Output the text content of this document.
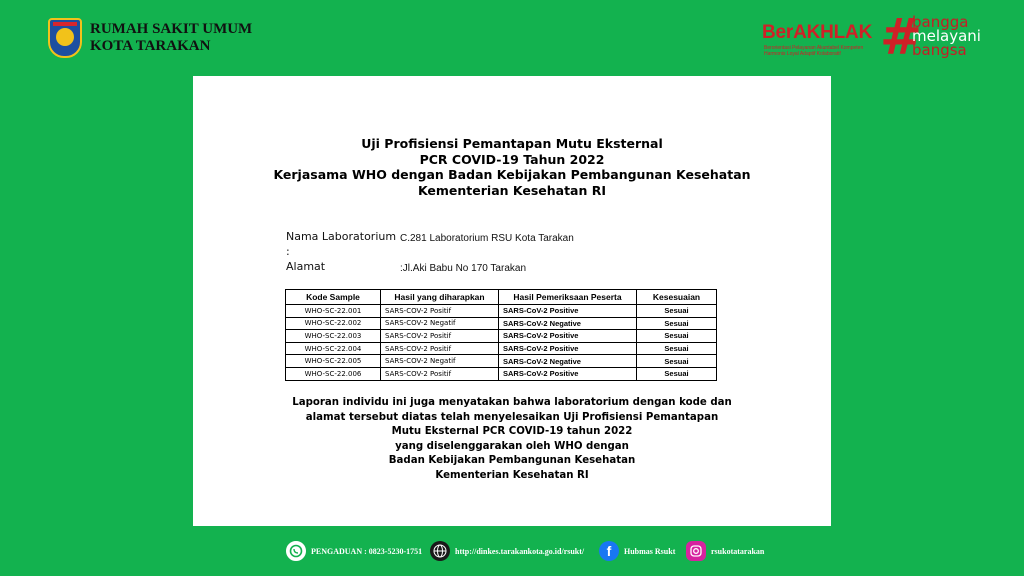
RUMAH SAKIT UMUM
KOTA TARAKAN
BerAKHLAK
Berorientasi Pelayanan Akuntabel Kompeten Harmonis Loyal Adaptif Kolaboratif #
bangga
melayani
bangsa
Uji Profisiensi Pemantapan Mutu Eksternal
PCR COVID-19 Tahun 2022
Kerjasama WHO dengan Badan Kebijakan Pembangunan Kesehatan
Kementerian Kesehatan RI
Nama Laboratorium :
C.281 Laboratorium RSU Kota Tarakan
Alamat	:Jl.Aki Babu No 170 Tarakan
Kode Sample	Hasil yang diharapkan	Hasil Pemeriksaan Peserta	Kesesuaian
WHO-SC-22.001	SARS-COV-2 Positif	SARS-CoV-2 Positive	Sesuai
WHO-SC-22.002	SARS-COV-2 Negatif	SARS-CoV-2 Negative	Sesuai
WHO-SC-22.003	SARS-COV-2 Positif	SARS-CoV-2 Positive	Sesuai
WHO-SC-22.004	SARS-COV-2 Positif	SARS-CoV-2 Positive	Sesuai
WHO-SC-22.005	SARS-COV-2 Negatif	SARS-CoV-2 Negative	Sesuai
WHO-SC-22.006	SARS-COV-2 Positif	SARS-CoV-2 Positive	Sesuai
Laporan individu ini juga menyatakan bahwa laboratorium dengan kode dan
alamat tersebut diatas telah menyelesaikan Uji Profisiensi Pemantapan
Mutu Eksternal PCR COVID-19 tahun 2022
yang diselenggarakan oleh WHO dengan
Badan Kebijakan Pembangunan Kesehatan
Kementerian Kesehatan RI
PENGADUAN : 0823-5230-1751	http://dinkes.tarakankota.go.id/rsukt/	f	Hubmas Rsukt	rsukotatarakan
